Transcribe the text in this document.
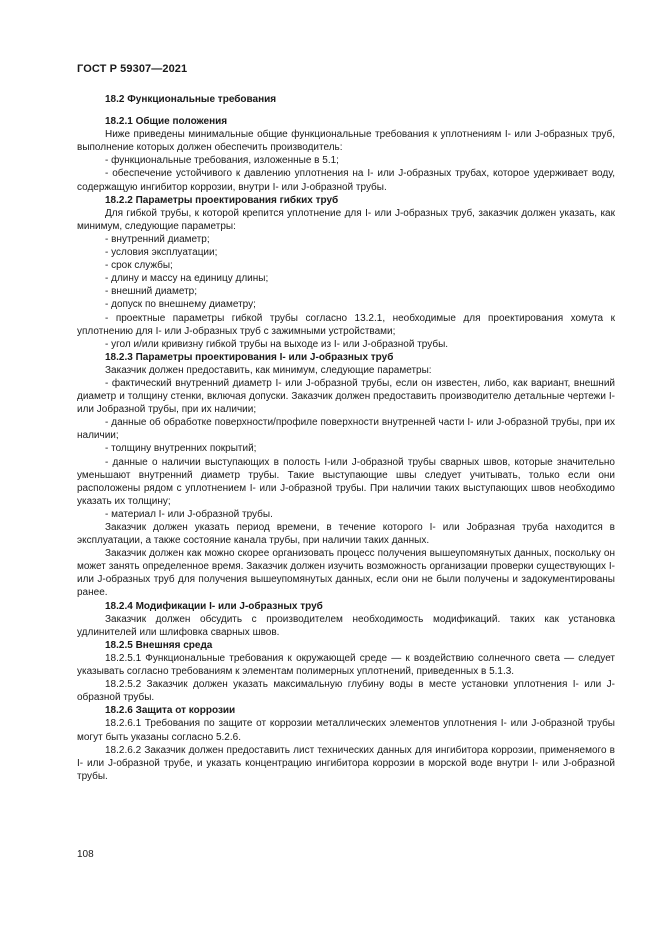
ГОСТ Р 59307—2021

18.2 Функциональные требования

18.2.1 Общие положения

Ниже приведены минимальные общие функциональные требования к уплотнениям I- или J-образных труб, выполнение которых должен обеспечить производитель:

- функциональные требования, изложенные в 5.1;

- обеспечение устойчивого к давлению уплотнения на I- или J-образных трубах, которое удерживает воду, содержащую ингибитор коррозии, внутри I- или J-образной трубы.

18.2.2 Параметры проектирования гибких труб

Для гибкой трубы, к которой крепится уплотнение для I- или J-образных труб, заказчик должен указать, как минимум, следующие параметры:

- внутренний диаметр;

- условия эксплуатации;

- срок службы;

- длину и массу на единицу длины;

- внешний диаметр;

- допуск по внешнему диаметру;

- проектные параметры гибкой трубы согласно 13.2.1, необходимые для проектирования хомута к уплотнению для I- или J-образных труб с зажимными устройствами;

- угол и/или кривизну гибкой трубы на выходе из I- или J-образной трубы.

18.2.3 Параметры проектирования I- или J-образных труб

Заказчик должен предоставить, как минимум, следующие параметры:

- фактический внутренний диаметр I- или J-образной трубы, если он известен, либо, как вариант, внешний диаметр и толщину стенки, включая допуски. Заказчик должен предоставить производителю детальные чертежи I- или Jобразной трубы, при их наличии;

- данные об обработке поверхности/профиле поверхности внутренней части I- или J-образной трубы, при их наличии;

- толщину внутренних покрытий;

- данные о наличии выступающих в полость I-или J-образной трубы сварных швов, которые значительно уменьшают внутренний диаметр трубы. Такие выступающие швы следует учитывать, только если они расположены рядом с уплотнением I- или J-образной трубы. При наличии таких выступающих швов необходимо указать их толщину;

- материал I- или J-образной трубы.

Заказчик должен указать период времени, в течение которого I- или Jобразная труба находится в эксплуатации, а также состояние канала трубы, при наличии таких данных.

Заказчик должен как можно скорее организовать процесс получения вышеупомянутых данных, поскольку он может занять определенное время. Заказчик должен изучить возможность организации проверки существующих I- или J-образных труб для получения вышеупомянутых данных, если они не были получены и задокументированы ранее.

18.2.4 Модификации I- или J-образных труб

Заказчик должен обсудить с производителем необходимость модификаций. таких как установка удлинителей или шлифовка сварных швов.

18.2.5 Внешняя среда

18.2.5.1 Функциональные требования к окружающей среде — к воздействию солнечного света — следует указывать согласно требованиям к элементам полимерных уплотнений, приведенных в 5.1.3.

18.2.5.2 Заказчик должен указать максимальную глубину воды в месте установки уплотнения I- или J-образной трубы.

18.2.6 Защита от коррозии

18.2.6.1 Требования по защите от коррозии металлических элементов уплотнения I- или J-образной трубы могут быть указаны согласно 5.2.6.

18.2.6.2 Заказчик должен предоставить лист технических данных для ингибитора коррозии, применяемого в I- или J-образной трубе, и указать концентрацию ингибитора коррозии в морской воде внутри I- или J-образной трубы.

108
